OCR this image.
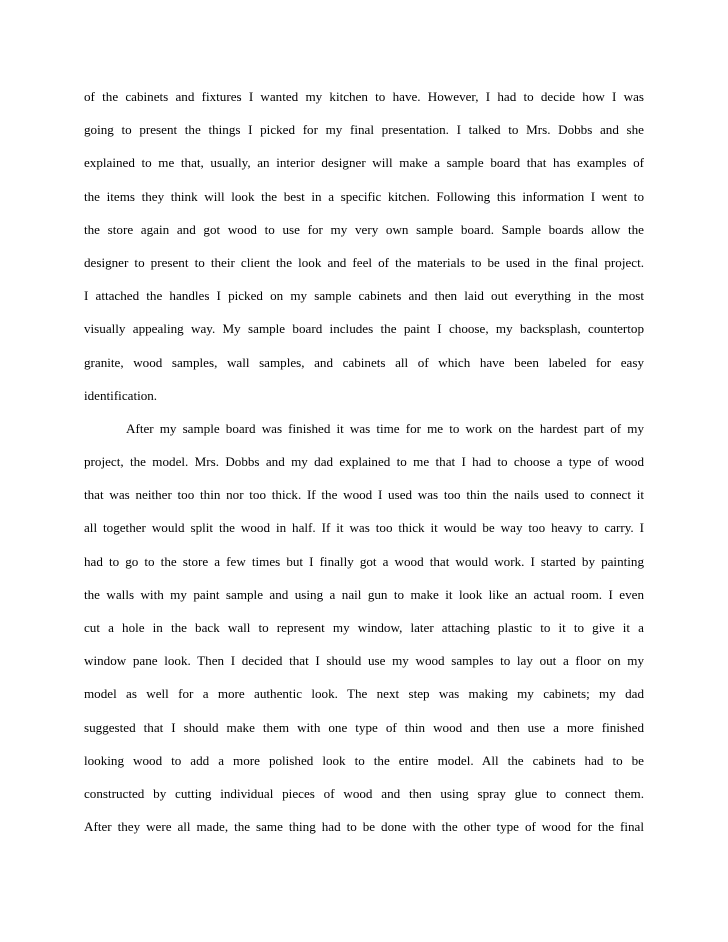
of the cabinets and fixtures I wanted my kitchen to have. However, I had to decide how I was
going to present the things I picked for my final presentation. I talked to Mrs. Dobbs and she
explained to me that, usually, an interior designer will make a sample board that has examples of
the items they think will look the best in a specific kitchen. Following this information I went to
the store again and got wood to use for my very own sample board. Sample boards allow the
designer to present to their client the look and feel of the materials to be used in the final project.
I attached the handles I picked on my sample cabinets and then laid out everything in the most
visually appealing way. My sample board includes the paint I choose, my backsplash, countertop
granite, wood samples, wall samples, and cabinets all of which have been labeled for easy
identification.
After my sample board was finished it was time for me to work on the hardest part of my
project, the model. Mrs. Dobbs and my dad explained to me that I had to choose a type of wood
that was neither too thin nor too thick. If the wood I used was too thin the nails used to connect it
all together would split the wood in half. If it was too thick it would be way too heavy to carry. I
had to go to the store a few times but I finally got a wood that would work. I started by painting
the walls with my paint sample and using a nail gun to make it look like an actual room. I even
cut a hole in the back wall to represent my window, later attaching plastic to it to give it a
window pane look. Then I decided that I should use my wood samples to lay out a floor on my
model as well for a more authentic look. The next step was making my cabinets; my dad
suggested that I should make them with one type of thin wood and then use a more finished
looking wood to add a more polished look to the entire model. All the cabinets had to be
constructed by cutting individual pieces of wood and then using spray glue to connect them.
After they were all made, the same thing had to be done with the other type of wood for the final
